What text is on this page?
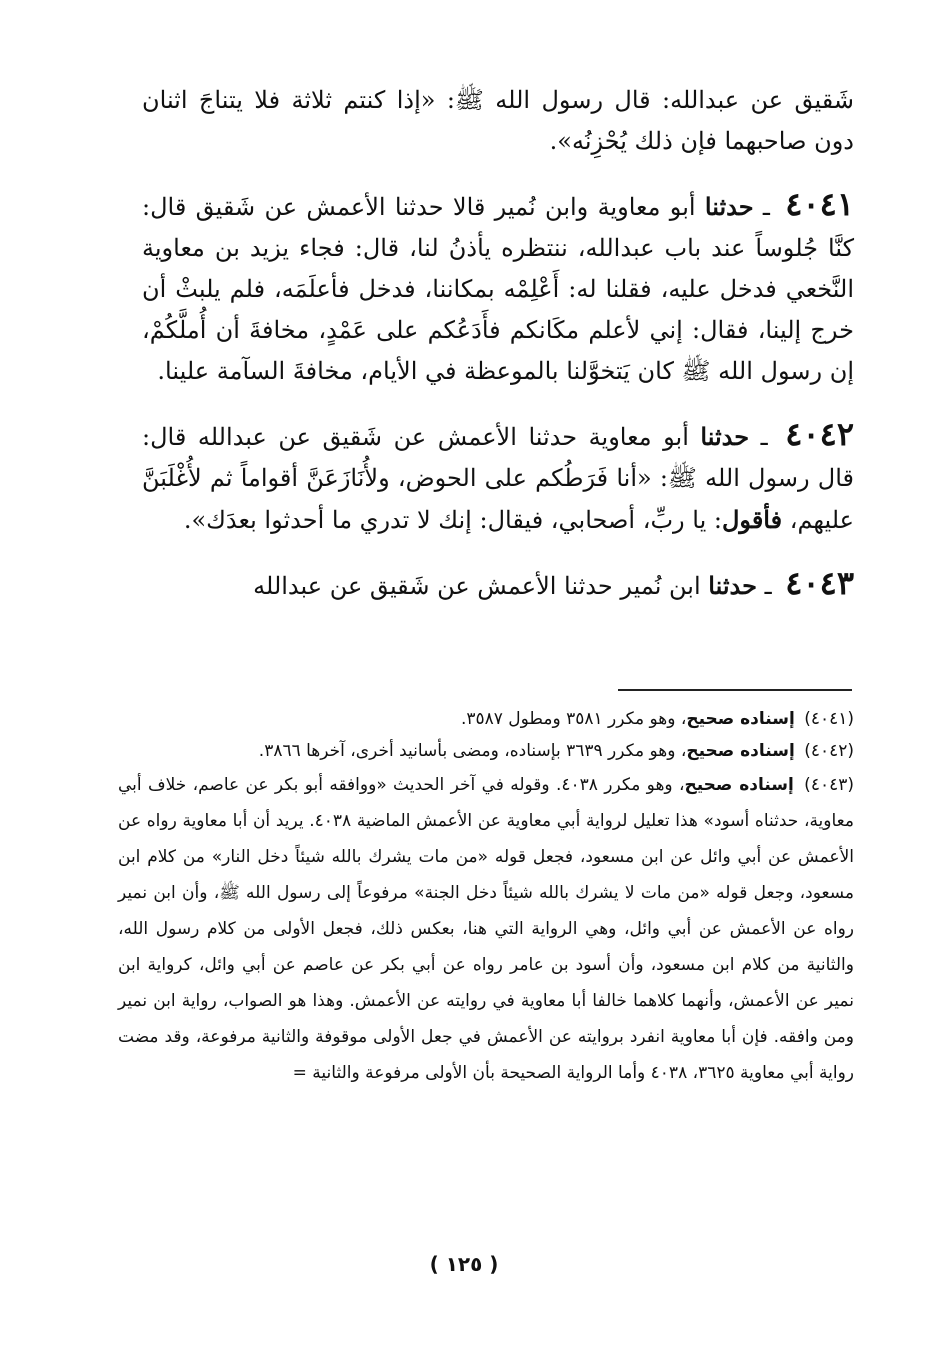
شَقيق عن عبدالله: قال رسول الله ﷺ: «إذا كنتم ثلاثة فلا يتناجَ اثنان دون صاحبهما فإن ذلك يُحْزِنُه».

٤٠٤١ ـ حدثنا أبو معاوية وابن نُمير قالا حدثنا الأعمش عن شَقيق قال: كنَّا جُلوساً عند باب عبدالله، ننتظره يأذنُ لنا، قال: فجاء يزيد بن معاوية النَّخعي فدخل عليه، فقلنا له: أَعْلِمْه بمكاننا، فدخل فأعلَمَه، فلم يلبثْ أن خرج إلينا، فقال: إني لأعلم مكَانكم فأَدَعُكم على عَمْدٍ، مخافةَ أن أُملَّكُمْ، إن رسول الله ﷺ كان يَتخوَّلنا بالموعظة في الأيام، مخافةَ السآمة علينا.

٤٠٤٢ ـ حدثنا أبو معاوية حدثنا الأعمش عن شَقيق عن عبدالله قال: قال رسول الله ﷺ: «أنا فَرَطُكم على الحوض، ولأُنَازَعَنَّ أقواماً ثم لأُغْلَبَنَّ عليهم، فأقول: يا ربِّ، أصحابي، فيقال: إنك لا تدري ما أحدثوا بعدَك».

٤٠٤٣ ـ حدثنا ابن نُمير حدثنا الأعمش عن شَقيق عن عبدالله

(٤٠٤١) إسناده صحيح، وهو مكرر ٣٥٨١ ومطول ٣٥٨٧.

(٤٠٤٢) إسناده صحيح، وهو مكرر ٣٦٣٩ بإسناده، ومضى بأسانيد أخرى، آخرها ٣٨٦٦.

(٤٠٤٣) إسناده صحيح، وهو مكرر ٤٠٣٨. وقوله في آخر الحديث «ووافقه أبو بكر عن عاصم، خلاف أبي معاوية، حدثناه أسود» هذا تعليل لرواية أبي معاوية عن الأعمش الماضية ٤٠٣٨. يريد أن أبا معاوية رواه عن الأعمش عن أبي وائل عن ابن مسعود، فجعل قوله «من مات يشرك بالله شيئاً دخل النار» من كلام ابن مسعود، وجعل قوله «من مات لا يشرك بالله شيئاً دخل الجنة» مرفوعاً إلى رسول الله ﷺ، وأن ابن نمير رواه عن الأعمش عن أبي وائل، وهي الرواية التي هنا، بعكس ذلك، فجعل الأولى من كلام رسول الله، والثانية من كلام ابن مسعود، وأن أسود بن عامر رواه عن أبي بكر عن عاصم عن أبي وائل، كرواية ابن نمير عن الأعمش، وأنهما كلاهما خالفا أبا معاوية في روايته عن الأعمش. وهذا هو الصواب، رواية ابن نمير ومن وافقه. فإن أبا معاوية انفرد بروايته عن الأعمش في جعل الأولى موقوفة والثانية مرفوعة، وقد مضت رواية أبي معاوية ٣٦٢٥، ٤٠٣٨ وأما الرواية الصحيحة بأن الأولى مرفوعة والثانية =

( ١٢٥ )
